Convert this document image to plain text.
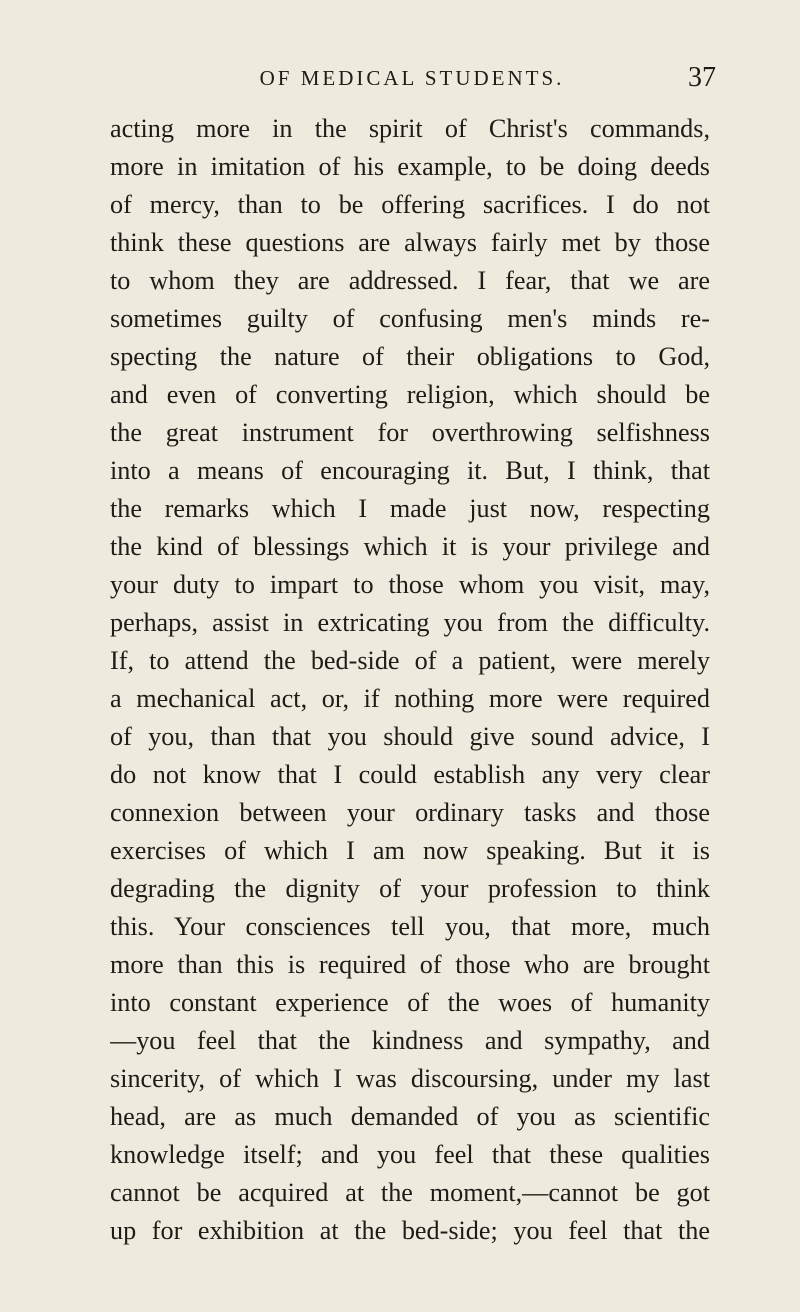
OF MEDICAL STUDENTS.	37
acting more in the spirit of Christ's commands,
more in imitation of his example, to be doing deeds
of mercy, than to be offering sacrifices. I do not
think these questions are always fairly met by those
to whom they are addressed. I fear, that we are
sometimes guilty of confusing men's minds re-
specting the nature of their obligations to God,
and even of converting religion, which should be
the great instrument for overthrowing selfishness
into a means of encouraging it. But, I think, that
the remarks which I made just now, respecting
the kind of blessings which it is your privilege and
your duty to impart to those whom you visit, may,
perhaps, assist in extricating you from the difficulty.
If, to attend the bed-side of a patient, were merely
a mechanical act, or, if nothing more were required
of you, than that you should give sound advice, I
do not know that I could establish any very clear
connexion between your ordinary tasks and those
exercises of which I am now speaking. But it is
degrading the dignity of your profession to think
this. Your consciences tell you, that more, much
more than this is required of those who are brought
into constant experience of the woes of humanity
—you feel that the kindness and sympathy, and
sincerity, of which I was discoursing, under my last
head, are as much demanded of you as scientific
knowledge itself; and you feel that these qualities
cannot be acquired at the moment,—cannot be got
up for exhibition at the bed-side; you feel that the
